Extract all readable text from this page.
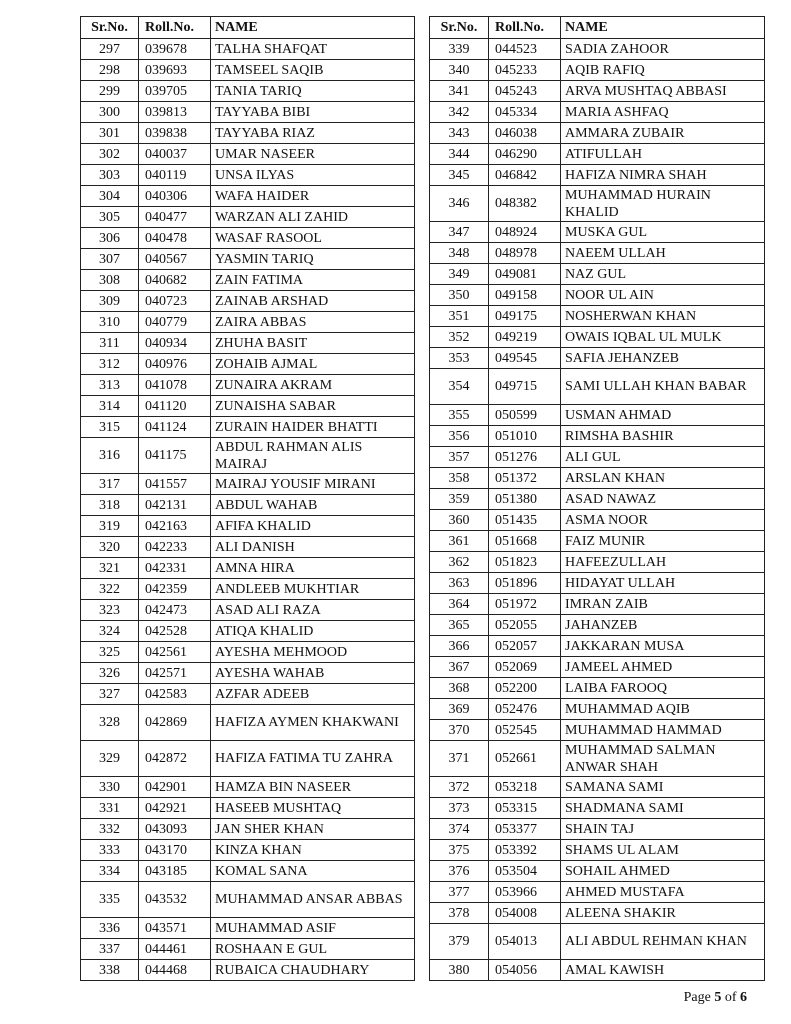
Sr.No.	Roll.No.	NAME
297	039678	TALHA SHAFQAT
298	039693	TAMSEEL SAQIB
299	039705	TANIA TARIQ
300	039813	TAYYABA BIBI
301	039838	TAYYABA RIAZ
302	040037	UMAR NASEER
303	040119	UNSA ILYAS
304	040306	WAFA HAIDER
305	040477	WARZAN ALI ZAHID
306	040478	WASAF RASOOL
307	040567	YASMIN TARIQ
308	040682	ZAIN FATIMA
309	040723	ZAINAB ARSHAD
310	040779	ZAIRA ABBAS
311	040934	ZHUHA BASIT
312	040976	ZOHAIB AJMAL
313	041078	ZUNAIRA AKRAM
314	041120	ZUNAISHA SABAR
315	041124	ZURAIN HAIDER BHATTI
316	041175	ABDUL RAHMAN ALIS MAIRAJ
317	041557	MAIRAJ YOUSIF MIRANI
318	042131	ABDUL WAHAB
319	042163	AFIFA KHALID
320	042233	ALI DANISH
321	042331	AMNA HIRA
322	042359	ANDLEEB MUKHTIAR
323	042473	ASAD ALI RAZA
324	042528	ATIQA KHALID
325	042561	AYESHA MEHMOOD
326	042571	AYESHA WAHAB
327	042583	AZFAR ADEEB
328	042869	HAFIZA AYMEN KHAKWANI
329	042872	HAFIZA FATIMA TU ZAHRA
330	042901	HAMZA BIN NASEER
331	042921	HASEEB MUSHTAQ
332	043093	JAN SHER KHAN
333	043170	KINZA KHAN
334	043185	KOMAL SANA
335	043532	MUHAMMAD ANSAR ABBAS
336	043571	MUHAMMAD ASIF
337	044461	ROSHAAN E GUL
338	044468	RUBAICA CHAUDHARY
Sr.No.	Roll.No.	NAME
339	044523	SADIA ZAHOOR
340	045233	AQIB RAFIQ
341	045243	ARVA MUSHTAQ ABBASI
342	045334	MARIA ASHFAQ
343	046038	AMMARA ZUBAIR
344	046290	ATIFULLAH
345	046842	HAFIZA NIMRA SHAH
346	048382	MUHAMMAD HURAIN KHALID
347	048924	MUSKA GUL
348	048978	NAEEM ULLAH
349	049081	NAZ GUL
350	049158	NOOR UL AIN
351	049175	NOSHERWAN KHAN
352	049219	OWAIS IQBAL UL MULK
353	049545	SAFIA JEHANZEB
354	049715	SAMI ULLAH KHAN BABAR
355	050599	USMAN AHMAD
356	051010	RIMSHA BASHIR
357	051276	ALI GUL
358	051372	ARSLAN KHAN
359	051380	ASAD NAWAZ
360	051435	ASMA NOOR
361	051668	FAIZ MUNIR
362	051823	HAFEEZULLAH
363	051896	HIDAYAT ULLAH
364	051972	IMRAN ZAIB
365	052055	JAHANZEB
366	052057	JAKKARAN MUSA
367	052069	JAMEEL AHMED
368	052200	LAIBA FAROOQ
369	052476	MUHAMMAD AQIB
370	052545	MUHAMMAD HAMMAD
371	052661	MUHAMMAD SALMAN ANWAR SHAH
372	053218	SAMANA SAMI
373	053315	SHADMANA SAMI
374	053377	SHAIN TAJ
375	053392	SHAMS UL ALAM
376	053504	SOHAIL AHMED
377	053966	AHMED MUSTAFA
378	054008	ALEENA SHAKIR
379	054013	ALI ABDUL REHMAN KHAN
380	054056	AMAL KAWISH
Page 5 of 6
